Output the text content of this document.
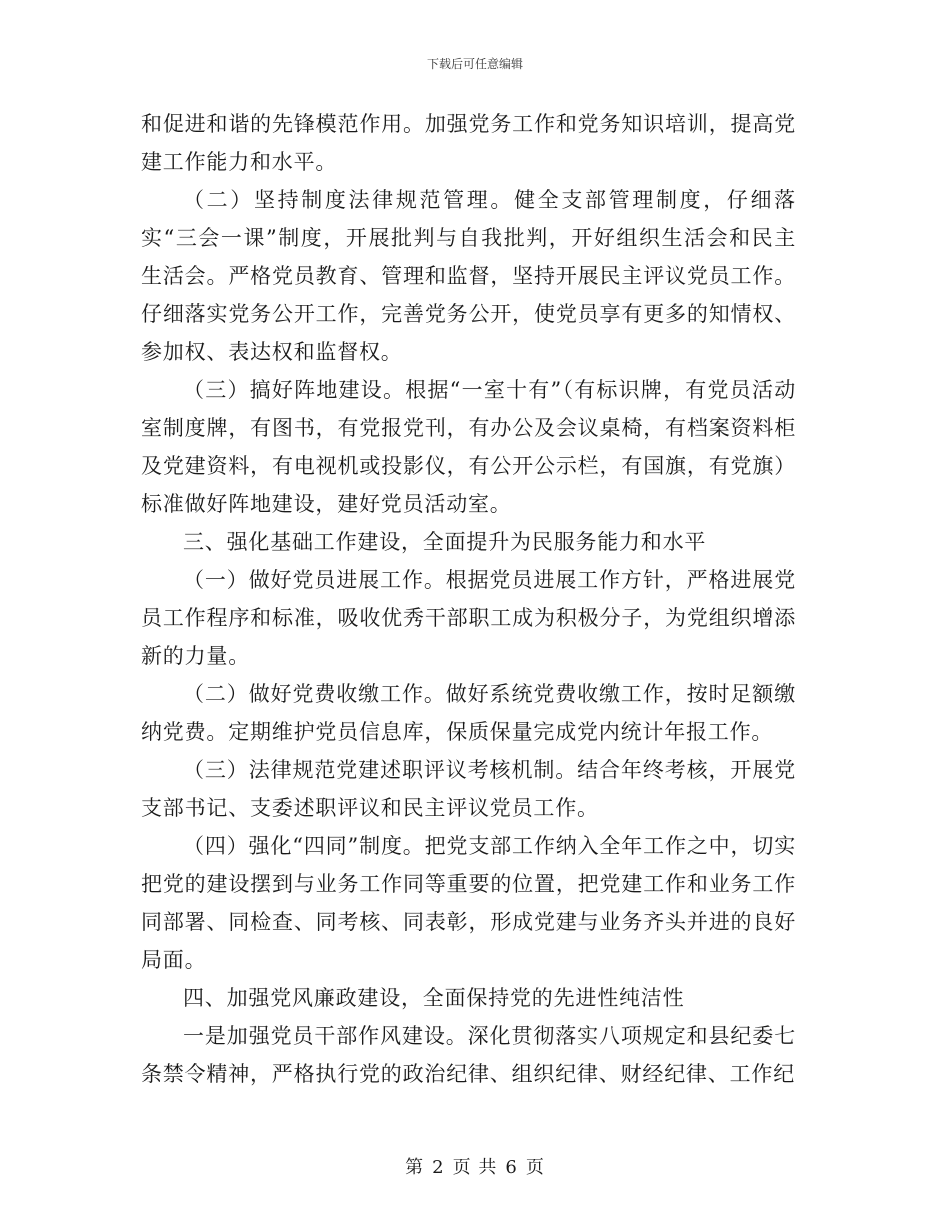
下载后可任意编辑

和促进和谐的先锋模范作用。加强党务工作和党务知识培训，提高党建工作能力和水平。

（二）坚持制度法律规范管理。健全支部管理制度，仔细落实“三会一课”制度，开展批判与自我批判，开好组织生活会和民主生活会。严格党员教育、管理和监督，坚持开展民主评议党员工作。仔细落实党务公开工作，完善党务公开，使党员享有更多的知情权、参加权、表达权和监督权。

（三）搞好阵地建设。根据“一室十有”（有标识牌，有党员活动室制度牌，有图书，有党报党刊，有办公及会议桌椅，有档案资料柜及党建资料，有电视机或投影仪，有公开公示栏，有国旗，有党旗）标准做好阵地建设，建好党员活动室。

三、强化基础工作建设，全面提升为民服务能力和水平

（一）做好党员进展工作。根据党员进展工作方针，严格进展党员工作程序和标准，吸收优秀干部职工成为积极分子，为党组织增添新的力量。

（二）做好党费收缴工作。做好系统党费收缴工作，按时足额缴纳党费。定期维护党员信息库，保质保量完成党内统计年报工作。

（三）法律规范党建述职评议考核机制。结合年终考核，开展党支部书记、支委述职评议和民主评议党员工作。

（四）强化“四同”制度。把党支部工作纳入全年工作之中，切实把党的建设摆到与业务工作同等重要的位置，把党建工作和业务工作同部署、同检查、同考核、同表彰，形成党建与业务齐头并进的良好局面。

四、加强党风廉政建设，全面保持党的先进性纯洁性

一是加强党员干部作风建设。深化贯彻落实八项规定和县纪委七条禁令精神，严格执行党的政治纪律、组织纪律、财经纪律、工作纪

第 2 页 共 6 页
